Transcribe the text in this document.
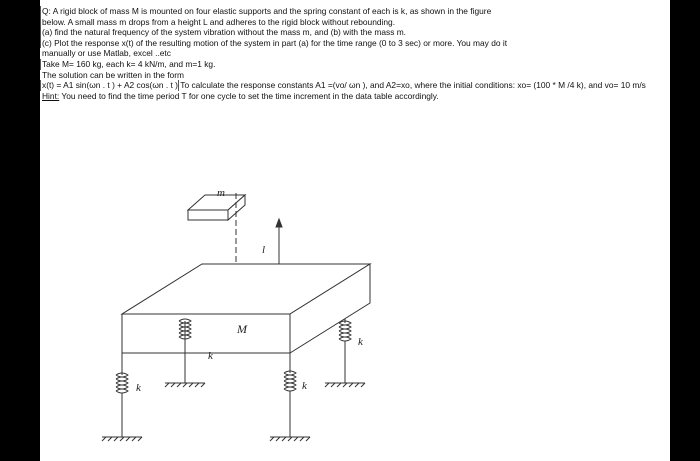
Q: A rigid block of mass M is mounted on four elastic supports and the spring constant of each is k, as shown in the figure below. A small mass m drops from a height L and adheres to the rigid block without rebounding. (a) find the natural frequency of the system vibration without the mass m, and (b) with the mass m. (c) Plot the response x(t) of the resulting motion of the system in part (a) for the time range (0 to 3 sec) or more. You may do it
manually or use Matlab, excel ..etc
Take M= 160 kg, each k= 4 kN/m, and m=1 kg.
The solution can be written in the form
x(t) = A1 sin(ωn . t ) + A2 cos(ωn . t ) To calculate the response constants A1 =(vo/ ωn ), and A2=xo, where the initial conditions: xo= (100 * M /4 k), and vo= 10 m/s
Hint: You need to find the time period T for one cycle to set the time increment in the data table accordingly.
m
l
M
k
k
k
k
